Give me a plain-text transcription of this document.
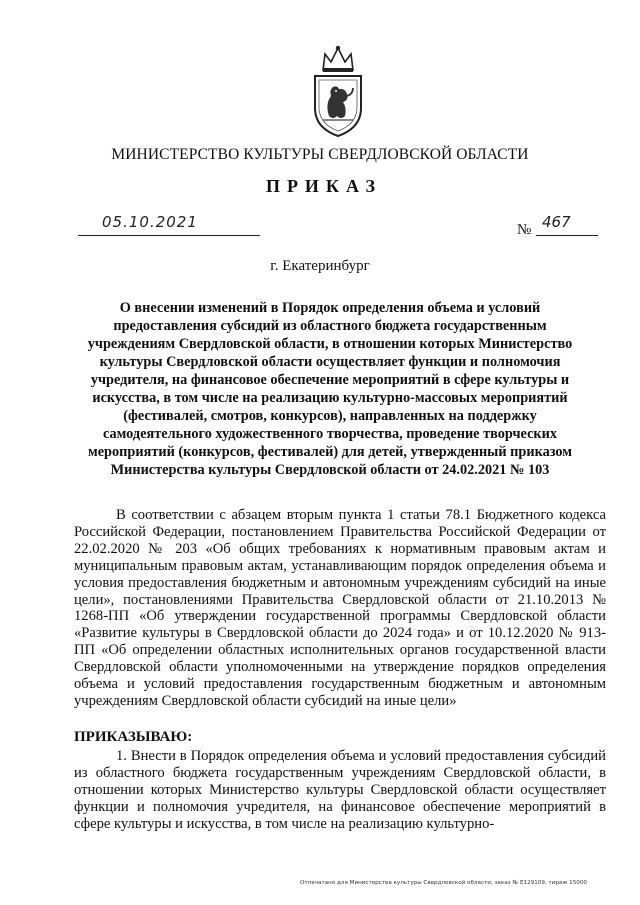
МИНИСТЕРСТВО КУЛЬТУРЫ СВЕРДЛОВСКОЙ ОБЛАСТИ
ПРИКАЗ
05.10.2021	№ 467
г. Екатеринбург
О внесении изменений в Порядок определения объема и условий предоставления субсидий из областного бюджета государственным учреждениям Свердловской области, в отношении которых Министерство культуры Свердловской области осуществляет функции и полномочия учредителя, на финансовое обеспечение мероприятий в сфере культуры и искусства, в том числе на реализацию культурно-массовых мероприятий (фестивалей, смотров, конкурсов), направленных на поддержку самодеятельного художественного творчества, проведение творческих мероприятий (конкурсов, фестивалей) для детей, утвержденный приказом Министерства культуры Свердловской области от 24.02.2021 № 103

В соответствии с абзацем вторым пункта 1 статьи 78.1 Бюджетного кодекса Российской Федерации, постановлением Правительства Российской Федерации от 22.02.2020 № 203 «Об общих требованиях к нормативным правовым актам и муниципальным правовым актам, устанавливающим порядок определения объема и условия предоставления бюджетным и автономным учреждениям субсидий на иные цели», постановлениями Правительства Свердловской области от 21.10.2013 № 1268-ПП «Об утверждении государственной программы Свердловской области «Развитие культуры в Свердловской области до 2024 года» и от 10.12.2020 № 913-ПП «Об определении областных исполнительных органов государственной власти Свердловской области уполномоченными на утверждение порядков определения объема и условий предоставления государственным бюджетным и автономным учреждениям Свердловской области субсидий на иные цели»

ПРИКАЗЫВАЮ:

1. Внести в Порядок определения объема и условий предоставления субсидий из областного бюджета государственным учреждениям Свердловской области, в отношении которых Министерство культуры Свердловской области осуществляет функции и полномочия учредителя, на финансовое обеспечение мероприятий в сфере культуры и искусства, в том числе на реализацию культурно-

Отпечатано для Министерства культуры Свердловской области, заказ № Е129109, тираж 15000
